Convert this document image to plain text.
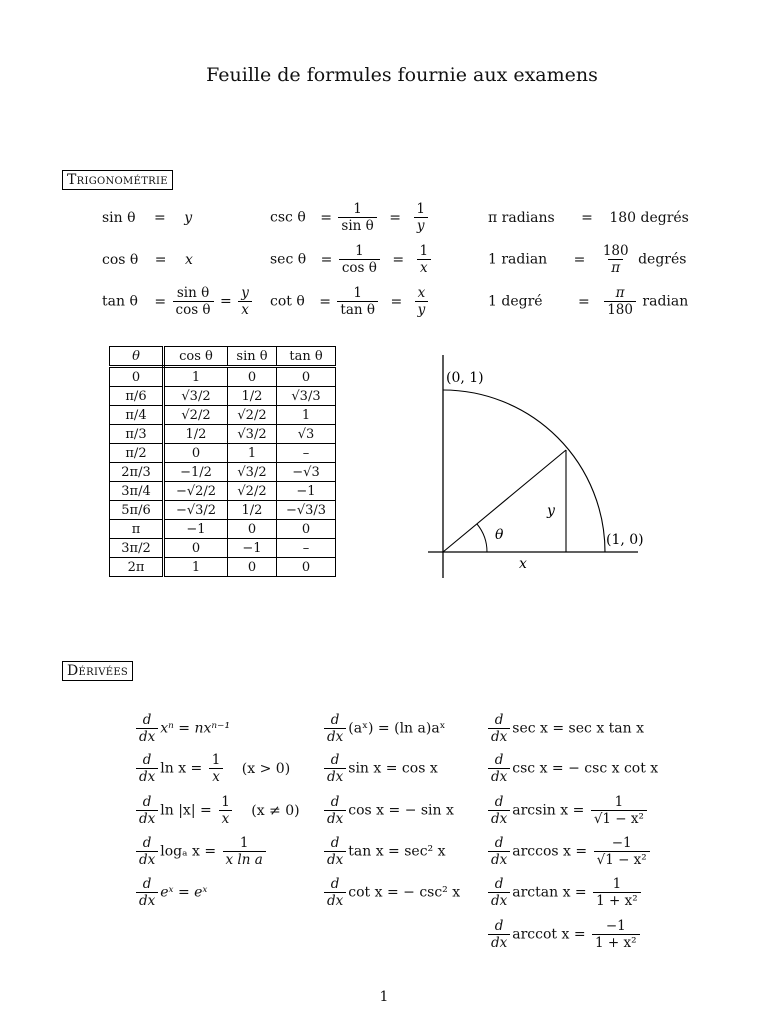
Feuille de formules fournie aux examens
Trigonométrie
sin θ = y
cos θ = x
$\tan \theta = \frac{\text{sin θ}}{\text{cos θ}} = \frac{y}{x}$
$\csc \theta = \frac{1}{\text{sin θ}} = \frac{1}{y}$
$\sec \theta = \frac{1}{\text{cos θ}} = \frac{1}{x}$
$\cot \theta = \frac{1}{\text{tan θ}} = \frac{x}{y}$
π radians = 180 degrés
1 radian = $\frac{180}{\pi}$ degrés
1 degré	= $\frac{\pi}{180}$ radian
θ	cos θ	sin θ	tan θ
0	1	0	0
π/6	√3/2	1/2	√3/3
π/4	√2/2	√2/2	1
π/3	1/2	√3/2	√3
π/2	0	1	–
2π/3	−1/2	√3/2	−√3
3π/4	−√2/2	√2/2	−1
5π/6	−√3/2	1/2	−√3/3
π	−1	0	0
3π/2	0	−1	–
2π	1	0	0
(0, 1)
(1, 0)
θ
y
x
Dérivées
$\frac{d}{dx}$ xⁿ = nxⁿ⁻¹
$\frac{d}{dx}$ $\ln x = \frac{1}{x} (x > 0)$
$\frac{d}{dx}$ $\ln |x| = \frac{1}{x} (x \ne 0)$
$\frac{d}{dx}$ logₐ $x = \frac{1}{\text{x ln a}}$
$\frac{d}{dx}$ eˣ = eˣ
$\frac{d}{dx}$ (aˣ) = (ln a)aˣ
$\frac{d}{dx}$ sin x = cos x
$\frac{d}{dx}$ cos x = − sin x
$\frac{d}{dx}$ tan x = sec² x
$\frac{d}{dx}$ cot x = − csc² x
$\frac{d}{dx}$ sec x = sec x tan x
$\frac{d}{dx}$ csc x = − csc x cot x
$\frac{d}{dx}$ $\arcsin x = \frac{1}{\text{√1 − x²}}$
$\frac{d}{dx}$ $\arccos x = \frac{-1}{\text{√1 − x²}}$
$\frac{d}{dx}$ $\arctan x = \frac{1}{\text{1 + x²}}$
$\frac{d}{dx}$ arccot $x = \frac{-1}{\text{1 + x²}}$
1
